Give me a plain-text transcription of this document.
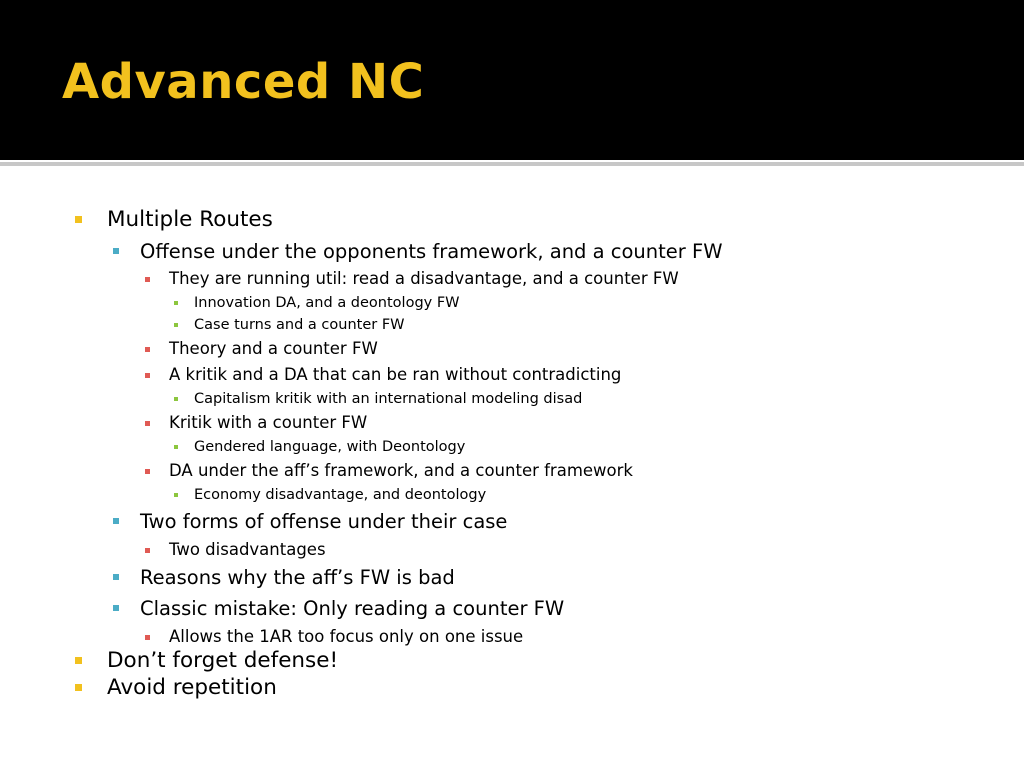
Advanced NC
Multiple Routes
Offense under the opponents framework, and a counter FW
They are running util: read a disadvantage, and a counter FW
Innovation DA, and a deontology FW
Case turns and a counter FW
Theory and a counter FW
A kritik and a DA that can be ran without contradicting
Capitalism kritik with an international modeling disad
Kritik with a counter FW
Gendered language, with Deontology
DA under the aff’s framework, and a counter framework
Economy disadvantage, and deontology
Two forms of offense under their case
Two disadvantages
Reasons why the aff’s FW is bad
Classic mistake: Only reading a counter FW
Allows the 1AR too focus only on one issue
Don’t forget defense!
Avoid repetition
